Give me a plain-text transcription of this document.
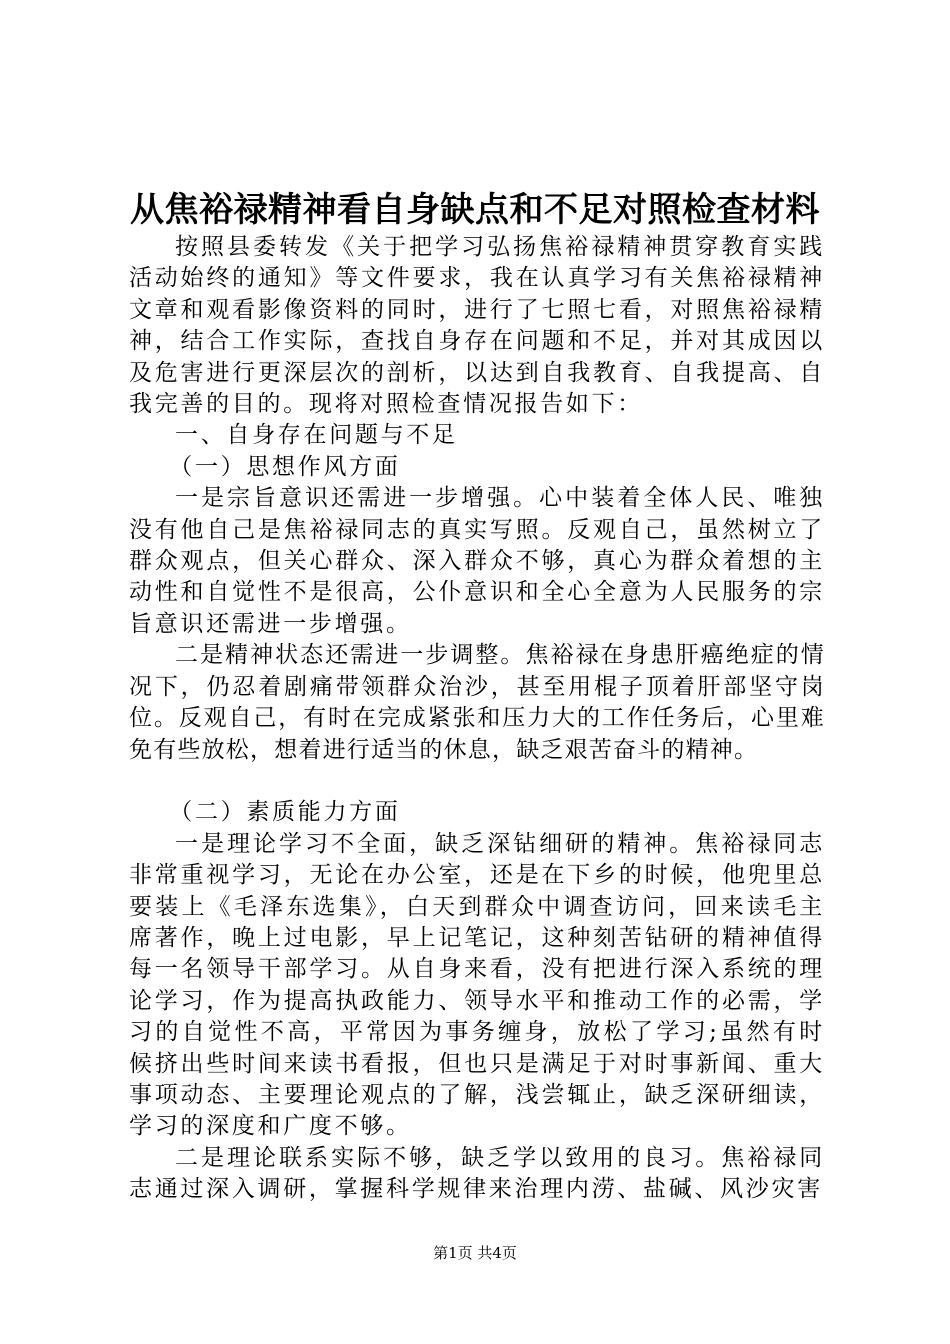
从焦裕禄精神看自身缺点和不足对照检查材料

按照县委转发《关于把学习弘扬焦裕禄精神贯穿教育实践活动始终的通知》等文件要求，我在认真学习有关焦裕禄精神文章和观看影像资料的同时，进行了七照七看，对照焦裕禄精神，结合工作实际，查找自身存在问题和不足，并对其成因以及危害进行更深层次的剖析，以达到自我教育、自我提高、自我完善的目的。现将对照检查情况报告如下：

一、自身存在问题与不足

（一）思想作风方面

一是宗旨意识还需进一步增强。心中装着全体人民、唯独没有他自己是焦裕禄同志的真实写照。反观自己，虽然树立了群众观点，但关心群众、深入群众不够，真心为群众着想的主动性和自觉性不是很高，公仆意识和全心全意为人民服务的宗旨意识还需进一步增强。

二是精神状态还需进一步调整。焦裕禄在身患肝癌绝症的情况下，仍忍着剧痛带领群众治沙，甚至用棍子顶着肝部坚守岗位。反观自己，有时在完成紧张和压力大的工作任务后，心里难免有些放松，想着进行适当的休息，缺乏艰苦奋斗的精神。

（二）素质能力方面

一是理论学习不全面，缺乏深钻细研的精神。焦裕禄同志非常重视学习，无论在办公室，还是在下乡的时候，他兜里总要装上《毛泽东选集》，白天到群众中调查访问，回来读毛主席著作，晚上过电影，早上记笔记，这种刻苦钻研的精神值得每一名领导干部学习。从自身来看，没有把进行深入系统的理论学习，作为提高执政能力、领导水平和推动工作的必需，学习的自觉性不高，平常因为事务缠身，放松了学习;虽然有时候挤出些时间来读书看报，但也只是满足于对时事新闻、重大事项动态、主要理论观点的了解，浅尝辄止，缺乏深研细读，学习的深度和广度不够。

二是理论联系实际不够，缺乏学以致用的良习。焦裕禄同志通过深入调研，掌握科学规律来治理内涝、盐碱、风沙灾害

第1页 共4页
